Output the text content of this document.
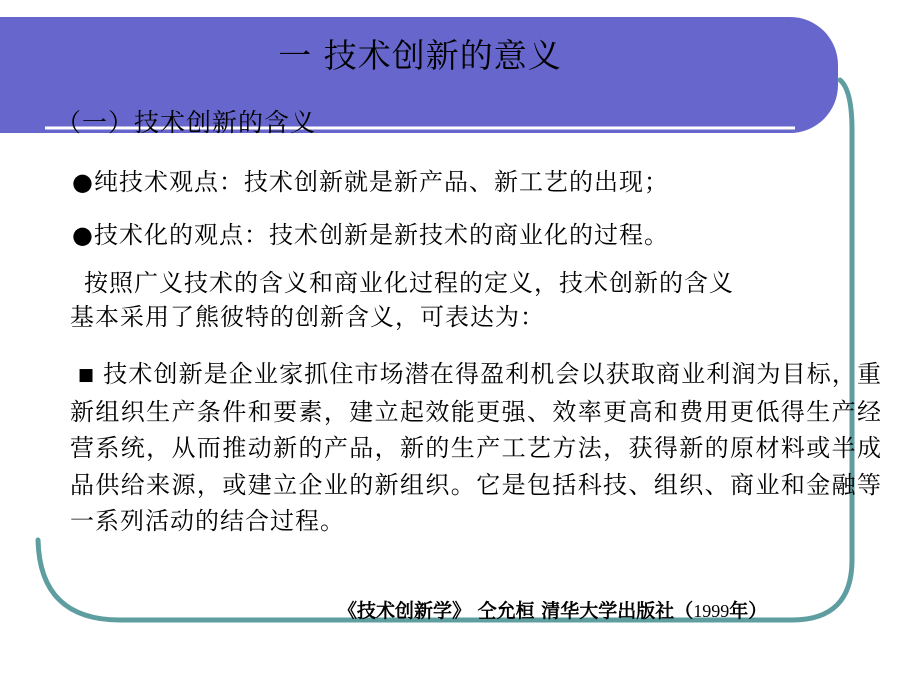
一 技术创新的意义
（一）技术创新的含义
●纯技术观点：技术创新就是新产品、新工艺的出现；
●技术化的观点：技术创新是新技术的商业化的过程。
按照广义技术的含义和商业化过程的定义，技术创新的含义
基本采用了熊彼特的创新含义，可表达为：
■ 技术创新是企业家抓住市场潜在得盈利机会以获取商业利润为目标，重新组织生产条件和要素，建立起效能更强、效率更高和费用更低得生产经营系统，从而推动新的产品，新的生产工艺方法，获得新的原材料或半成品供给来源，或建立企业的新组织。它是包括科技、组织、商业和金融等一系列活动的结合过程。
《技术创新学》 仝允桓 清华大学出版社（1999年）
